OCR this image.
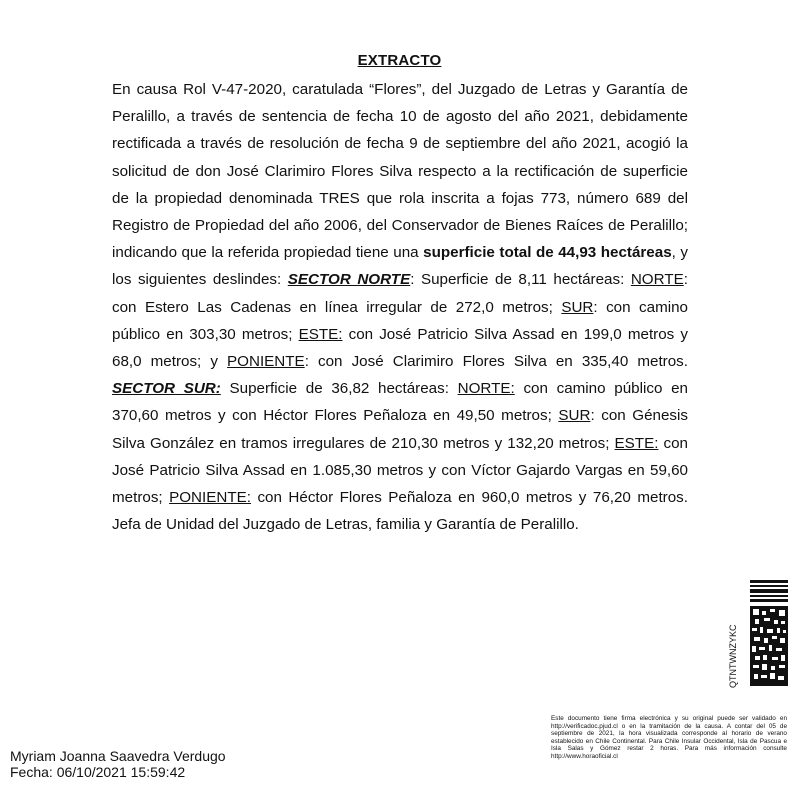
EXTRACTO
En causa Rol V-47-2020, caratulada “Flores”, del Juzgado de Letras y Garantía de Peralillo, a través de sentencia de fecha 10 de agosto del año 2021, debidamente rectificada a través de resolución de fecha 9 de septiembre del año 2021, acogió la solicitud de don José Clarimiro Flores Silva respecto a la rectificación de superficie de la propiedad denominada TRES que rola inscrita a fojas 773, número 689 del Registro de Propiedad del año 2006, del Conservador de Bienes Raíces de Peralillo; indicando que la referida propiedad tiene una superficie total de 44,93 hectáreas, y los siguientes deslindes: SECTOR NORTE: Superficie de 8,11 hectáreas: NORTE: con Estero Las Cadenas en línea irregular de 272,0 metros; SUR: con camino público en 303,30 metros; ESTE: con José Patricio Silva Assad en 199,0 metros y 68,0 metros; y PONIENTE: con José Clarimiro Flores Silva en 335,40 metros. SECTOR SUR: Superficie de 36,82 hectáreas: NORTE: con camino público en 370,60 metros y con Héctor Flores Peñaloza en 49,50 metros; SUR: con Génesis Silva González en tramos irregulares de 210,30 metros y 132,20 metros; ESTE: con José Patricio Silva Assad en 1.085,30 metros y con Víctor Gajardo Vargas en 59,60 metros; PONIENTE: con Héctor Flores Peñaloza en 960,0 metros y 76,20 metros. Jefa de Unidad del Juzgado de Letras, familia y Garantía de Peralillo.
QTNTWNZYKC
Este documento tiene firma electrónica y su original puede ser validado en http://verificadoc.pjud.cl o en la tramitación de la causa. A contar del 05 de septiembre de 2021, la hora visualizada corresponde al horario de verano establecido en Chile Continental. Para Chile Insular Occidental, Isla de Pascua e Isla Salas y Gómez restar 2 horas. Para más información consulte http://www.horaoficial.cl
Myriam Joanna Saavedra Verdugo
Fecha: 06/10/2021 15:59:42
